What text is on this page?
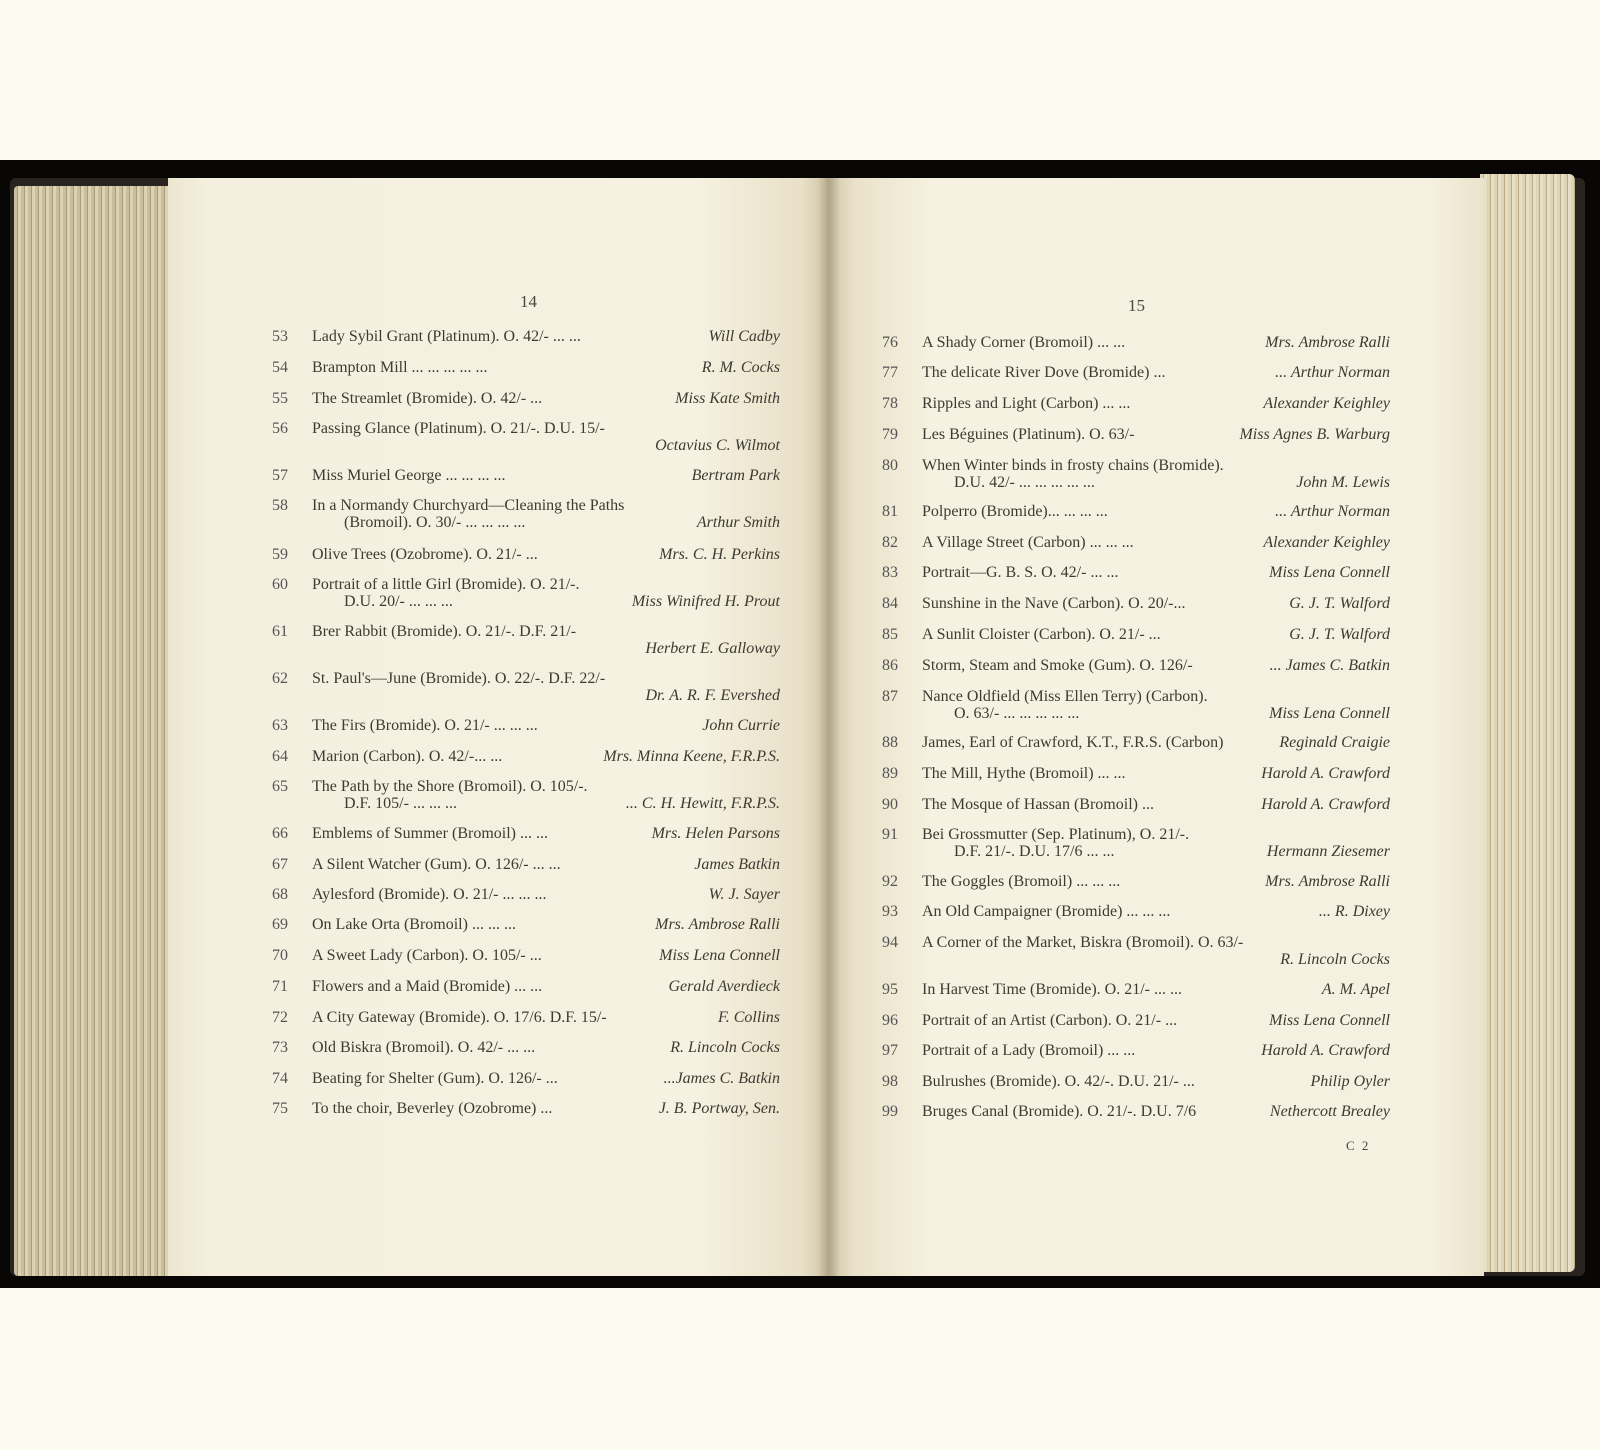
14	15
C 2
53	Lady Sybil Grant (Platinum). O. 42/- ... ...	Will Cadby
54	Brampton Mill ... ... ... ... ...	R. M. Cocks
55	The Streamlet (Bromide). O. 42/- ...	Miss Kate Smith
56	Passing Glance (Platinum). O. 21/-. D.U. 15/-
Octavius C. Wilmot
57	Miss Muriel George ... ... ... ...	Bertram Park
58	In a Normandy Churchyard—Cleaning the Paths
(Bromoil). O. 30/- ... ... ... ...	Arthur Smith
59	Olive Trees (Ozobrome). O. 21/- ...	Mrs. C. H. Perkins
60	Portrait of a little Girl (Bromide). O. 21/-.
D.U. 20/- ... ... ...	Miss Winifred H. Prout
61	Brer Rabbit (Bromide). O. 21/-. D.F. 21/-
Herbert E. Galloway
62	St. Paul's—June (Bromide). O. 22/-. D.F. 22/-
Dr. A. R. F. Evershed
63	The Firs (Bromide). O. 21/- ... ... ...	John Currie
64	Marion (Carbon). O. 42/-... ...	Mrs. Minna Keene, F.R.P.S.
65	The Path by the Shore (Bromoil). O. 105/-.
D.F. 105/- ... ... ...	... C. H. Hewitt, F.R.P.S.
66	Emblems of Summer (Bromoil) ... ...	Mrs. Helen Parsons
67	A Silent Watcher (Gum). O. 126/- ... ...	James Batkin
68	Aylesford (Bromide). O. 21/- ... ... ...	W. J. Sayer
69	On Lake Orta (Bromoil) ... ... ...	Mrs. Ambrose Ralli
70	A Sweet Lady (Carbon). O. 105/- ...	Miss Lena Connell
71	Flowers and a Maid (Bromide) ... ...	Gerald Averdieck
72	A City Gateway (Bromide). O. 17/6. D.F. 15/-	F. Collins
73	Old Biskra (Bromoil). O. 42/- ... ...	R. Lincoln Cocks
74	Beating for Shelter (Gum). O. 126/- ...	...James C. Batkin
75	To the choir, Beverley (Ozobrome) ...	J. B. Portway, Sen.
76	A Shady Corner (Bromoil) ... ...	Mrs. Ambrose Ralli
77	The delicate River Dove (Bromide) ...	... Arthur Norman
78	Ripples and Light (Carbon) ... ...	Alexander Keighley
79	Les Béguines (Platinum). O. 63/-	Miss Agnes B. Warburg
80	When Winter binds in frosty chains (Bromide).
D.U. 42/- ... ... ... ... ...	John M. Lewis
81	Polperro (Bromide)... ... ... ...	... Arthur Norman
82	A Village Street (Carbon) ... ... ...	Alexander Keighley
83	Portrait—G. B. S. O. 42/- ... ...	Miss Lena Connell
84	Sunshine in the Nave (Carbon). O. 20/-...	G. J. T. Walford
85	A Sunlit Cloister (Carbon). O. 21/- ...	G. J. T. Walford
86	Storm, Steam and Smoke (Gum). O. 126/-	... James C. Batkin
87	Nance Oldfield (Miss Ellen Terry) (Carbon).
O. 63/- ... ... ... ... ...	Miss Lena Connell
88	James, Earl of Crawford, K.T., F.R.S. (Carbon)	Reginald Craigie
89	The Mill, Hythe (Bromoil) ... ...	Harold A. Crawford
90	The Mosque of Hassan (Bromoil) ...	Harold A. Crawford
91	Bei Grossmutter (Sep. Platinum), O. 21/-.
D.F. 21/-. D.U. 17/6 ... ...	Hermann Ziesemer
92	The Goggles (Bromoil) ... ... ...	Mrs. Ambrose Ralli
93	An Old Campaigner (Bromide) ... ... ...	... R. Dixey
94	A Corner of the Market, Biskra (Bromoil). O. 63/-
R. Lincoln Cocks
95	In Harvest Time (Bromide). O. 21/- ... ...	A. M. Apel
96	Portrait of an Artist (Carbon). O. 21/- ...	Miss Lena Connell
97	Portrait of a Lady (Bromoil) ... ...	Harold A. Crawford
98	Bulrushes (Bromide). O. 42/-. D.U. 21/- ...	Philip Oyler
99	Bruges Canal (Bromide). O. 21/-. D.U. 7/6	Nethercott Brealey
